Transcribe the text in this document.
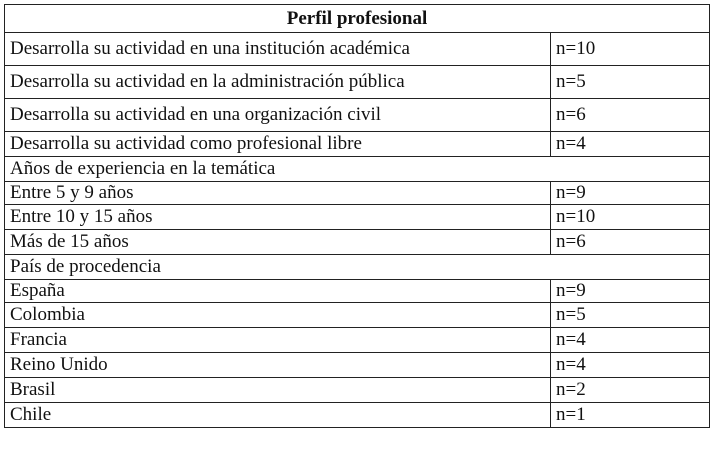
Perfil profesional	
Desarrolla su actividad en una institución académica	n=10
Desarrolla su actividad en la administración pública	n=5
Desarrolla su actividad en una organización civil	n=6
Desarrolla su actividad como profesional libre	n=4
Años de experiencia en la temática	
Entre 5 y 9 años	n=9
Entre 10 y 15 años	n=10
Más de 15 años	n=6
País de procedencia	
España	n=9
Colombia	n=5
Francia	n=4
Reino Unido	n=4
Brasil	n=2
Chile	n=1
